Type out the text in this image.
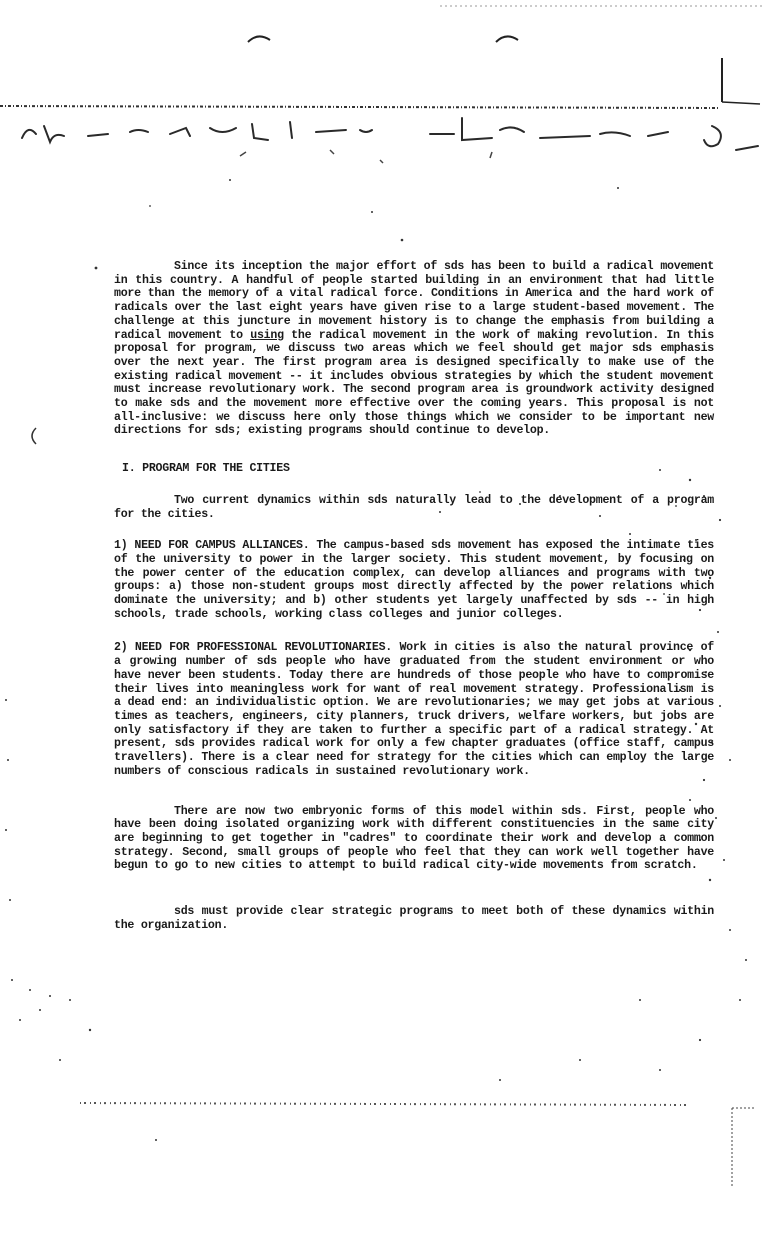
Since its inception the major effort of sds has been to build a radical movement in this country. A handful of people started building in an environment that had little more than the memory of a vital radical force. Conditions in America and the hard work of radicals over the last eight years have given rise to a large student-based movement. The challenge at this juncture in movement history is to change the emphasis from building a radical movement to using the radical movement in the work of making revolution. In this proposal for program, we discuss two areas which we feel should get major sds emphasis over the next year. The first program area is designed specifically to make use of the existing radical movement -- it includes obvious strategies by which the student movement must increase revolutionary work. The second program area is groundwork activity designed to make sds and the movement more effective over the coming years. This proposal is not all-inclusive: we discuss here only those things which we consider to be important new directions for sds; existing programs should continue to develop.

I. PROGRAM FOR THE CITIES

Two current dynamics within sds naturally lead to the development of a program for the cities.

1) NEED FOR CAMPUS ALLIANCES. The campus-based sds movement has exposed the intimate ties of the university to power in the larger society. This student movement, by focusing on the power center of the education complex, can develop alliances and programs with two groups: a) those non-student groups most directly affected by the power relations which dominate the university; and b) other students yet largely unaffected by sds -- in high schools, trade schools, working class colleges and junior colleges.

2) NEED FOR PROFESSIONAL REVOLUTIONARIES. Work in cities is also the natural province of a growing number of sds people who have graduated from the student environment or who have never been students. Today there are hundreds of those people who have to compromise their lives into meaningless work for want of real movement strategy. Professionalism is a dead end: an individualistic option. We are revolutionaries; we may get jobs at various times as teachers, engineers, city planners, truck drivers, welfare workers, but jobs are only satisfactory if they are taken to further a specific part of a radical strategy. At present, sds provides radical work for only a few chapter graduates (office staff, campus travellers). There is a clear need for strategy for the cities which can employ the large numbers of conscious radicals in sustained revolutionary work.

There are now two embryonic forms of this model within sds. First, people who have been doing isolated organizing work with different constituencies in the same city are beginning to get together in "cadres" to coordinate their work and develop a common strategy. Second, small groups of people who feel that they can work well together have begun to go to new cities to attempt to build radical city-wide movements from scratch.

sds must provide clear strategic programs to meet both of these dynamics within the organization.
